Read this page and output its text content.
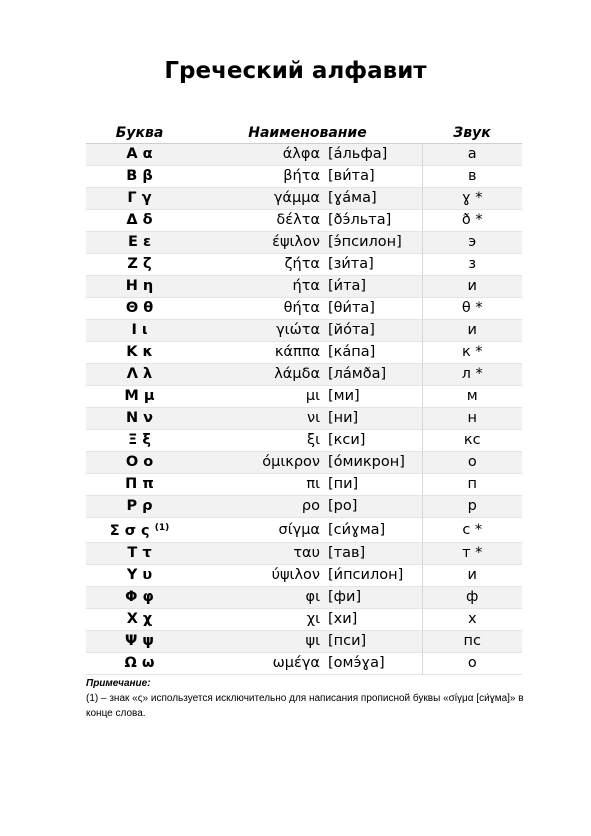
Греческий алфавит
Буква	Наименование		Звук
Α α	άλφα	[а́льфа]	а
Β β	βήτα	[ви́та]	в
Γ γ	γάμμα	[ɣа́ма]	ɣ *
Δ δ	δέλτα	[ðэ́льта]	ð *
Ε ε	έψιλον	[э́псилон]	э
Ζ ζ	ζήτα	[зи́та]	з
Η η	ήτα	[и́та]	и
Θ θ	θήτα	[θи́та]	θ *
Ι ι	γιώτα	[йо́та]	и
Κ κ	κάππα	[ка́па]	к *
Λ λ	λάμδα	[ла́мða]	л *
Μ μ	μι	[ми]	м
Ν ν	νι	[ни]	н
Ξ ξ	ξι	[кси]	кс
Ο ο	όμικρον	[о́микрон]	о
Π π	πι	[пи]	п
Ρ ρ	ρο	[ро]	р
Σ σ ς $^{(1)}$	σίγμα	[си́ɣма]	с *
Τ τ	ταυ	[тав]	т *
Υ υ	ύψιλον	[и́псилон]	и
Φ φ	φι	[фи]	ф
Χ χ	χι	[хи]	х
Ψ ψ	ψι	[пси]	пс
Ω ω	ωμέγα	[омэ́ɣа]	о
Примечание:
(1) – знак «ς» используется исключительно для написания прописной буквы «σίγμα [си́ɣма]» в конце слова.
